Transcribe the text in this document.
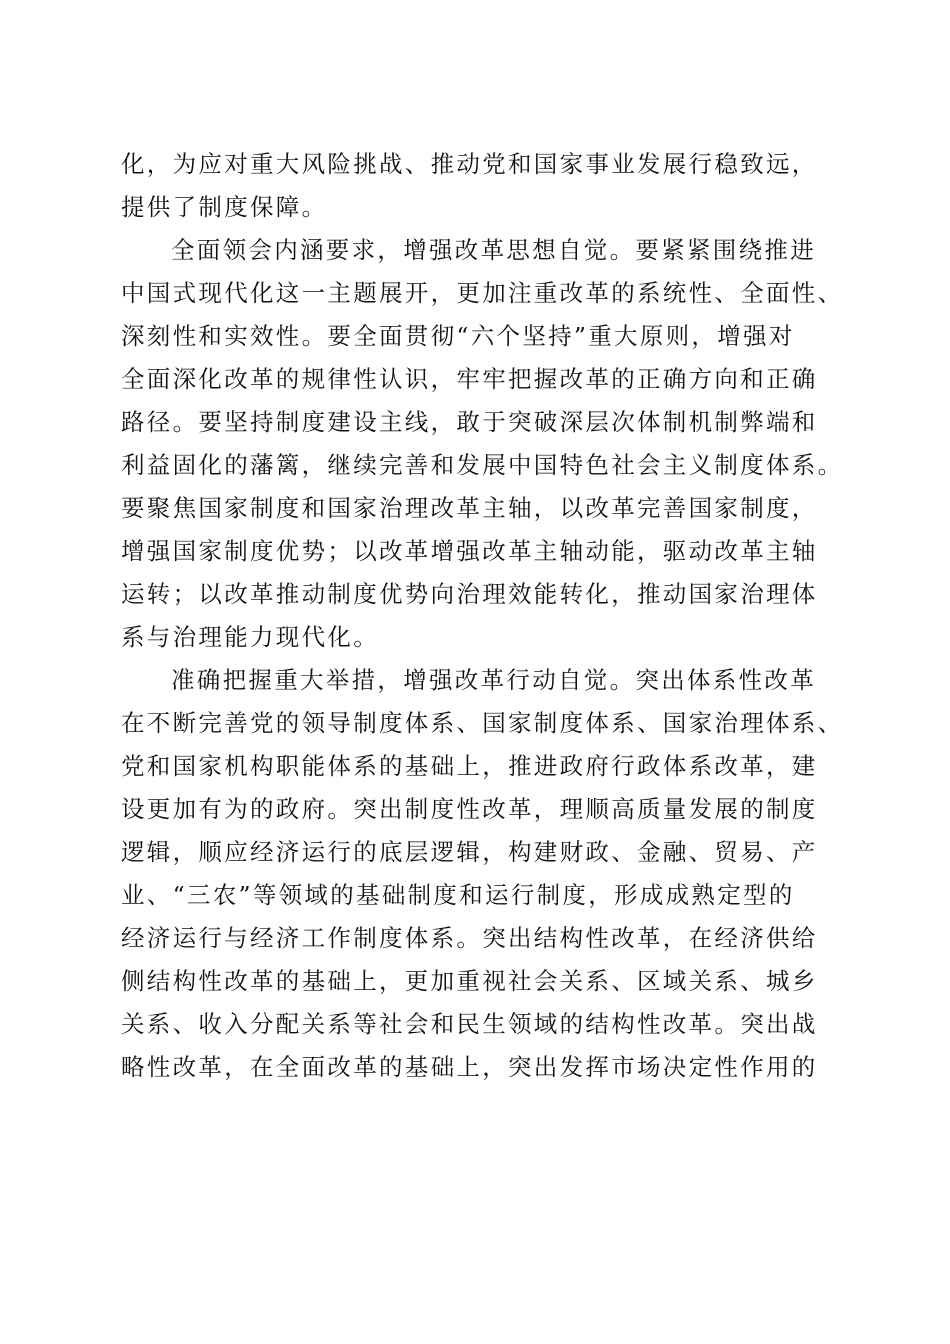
化，为应对重大风险挑战、推动党和国家事业发展行稳致远，
提供了制度保障。
全面领会内涵要求，增强改革思想自觉。要紧紧围绕推进
中国式现代化这一主题展开，更加注重改革的系统性、全面性、
深刻性和实效性。要全面贯彻“六个坚持”重大原则，增强对
全面深化改革的规律性认识，牢牢把握改革的正确方向和正确
路径。要坚持制度建设主线，敢于突破深层次体制机制弊端和
利益固化的藩篱，继续完善和发展中国特色社会主义制度体系。
要聚焦国家制度和国家治理改革主轴，以改革完善国家制度，
增强国家制度优势；以改革增强改革主轴动能，驱动改革主轴
运转；以改革推动制度优势向治理效能转化，推动国家治理体
系与治理能力现代化。
准确把握重大举措，增强改革行动自觉。突出体系性改革
在不断完善党的领导制度体系、国家制度体系、国家治理体系、
党和国家机构职能体系的基础上，推进政府行政体系改革，建
设更加有为的政府。突出制度性改革，理顺高质量发展的制度
逻辑，顺应经济运行的底层逻辑，构建财政、金融、贸易、产
业、“三农”等领域的基础制度和运行制度，形成成熟定型的
经济运行与经济工作制度体系。突出结构性改革，在经济供给
侧结构性改革的基础上，更加重视社会关系、区域关系、城乡
关系、收入分配关系等社会和民生领域的结构性改革。突出战
略性改革，在全面改革的基础上，突出发挥市场决定性作用的
